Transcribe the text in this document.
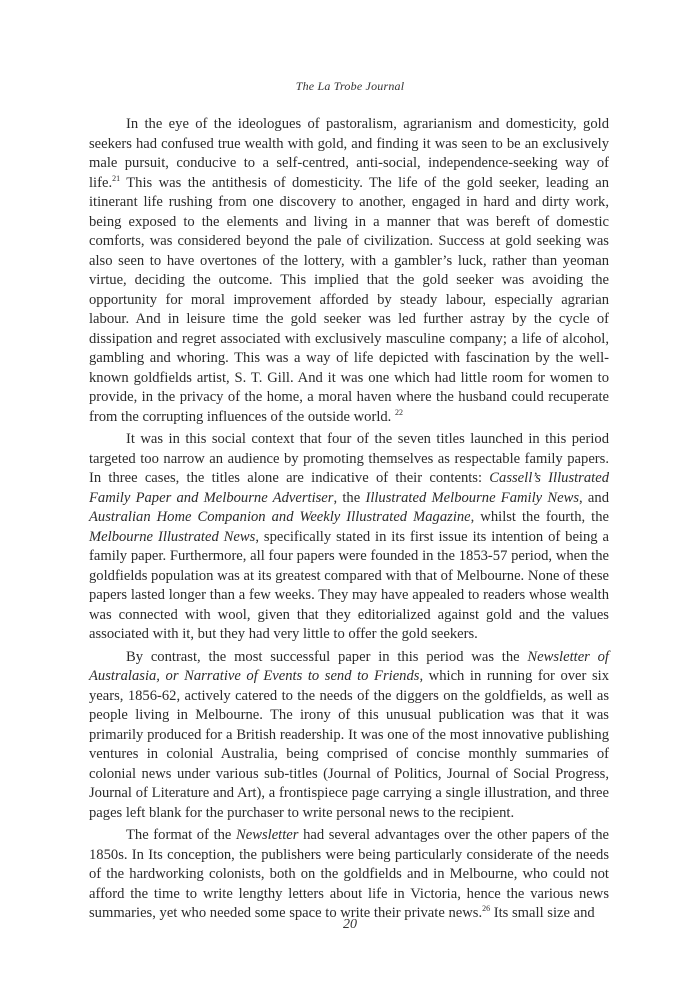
The La Trobe Journal

In the eye of the ideologues of pastoralism, agrarianism and domesticity, gold seekers had confused true wealth with gold, and finding it was seen to be an exclusively male pursuit, conducive to a self-centred, anti-social, independence-seeking way of life.$^{21}$ This was the antithesis of domesticity. The life of the gold seeker, leading an itinerant life rushing from one discovery to another, engaged in hard and dirty work, being exposed to the elements and living in a manner that was bereft of domestic comforts, was considered beyond the pale of civilization. Success at gold seeking was also seen to have overtones of the lottery, with a gambler’s luck, rather than yeoman virtue, deciding the outcome. This implied that the gold seeker was avoiding the opportunity for moral improvement afforded by steady labour, especially agrarian labour. And in leisure time the gold seeker was led further astray by the cycle of dissipation and regret associated with exclusively masculine company; a life of alcohol, gambling and whoring. This was a way of life depicted with fascination by the well-known goldfields artist, S. T. Gill. And it was one which had little room for women to provide, in the privacy of the home, a moral haven where the husband could recuperate from the corrupting influences of the outside world. $^{22}$

It was in this social context that four of the seven titles launched in this period targeted too narrow an audience by promoting themselves as respectable family papers. In three cases, the titles alone are indicative of their contents: Cassell’s Illustrated Family Paper and Melbourne Advertiser, the Illustrated Melbourne Family News, and Australian Home Companion and Weekly Illustrated Magazine, whilst the fourth, the Melbourne Illustrated News, specifically stated in its first issue its intention of being a family paper. Furthermore, all four papers were founded in the 1853-57 period, when the goldfields population was at its greatest compared with that of Melbourne. None of these papers lasted longer than a few weeks. They may have appealed to readers whose wealth was connected with wool, given that they editorialized against gold and the values associated with it, but they had very little to offer the gold seekers.

By contrast, the most successful paper in this period was the Newsletter of Australasia, or Narrative of Events to send to Friends, which in running for over six years, 1856-62, actively catered to the needs of the diggers on the goldfields, as well as people living in Melbourne. The irony of this unusual publication was that it was primarily produced for a British readership. It was one of the most innovative publishing ventures in colonial Australia, being comprised of concise monthly summaries of colonial news under various sub-titles (Journal of Politics, Journal of Social Progress, Journal of Literature and Art), a frontispiece page carrying a single illustration, and three pages left blank for the purchaser to write personal news to the recipient.

The format of the Newsletter had several advantages over the other papers of the 1850s. In Its conception, the publishers were being particularly considerate of the needs of the hardworking colonists, both on the goldfields and in Melbourne, who could not afford the time to write lengthy letters about life in Victoria, hence the various news summaries, yet who needed some space to write their private news.$^{26}$ Its small size and

20
